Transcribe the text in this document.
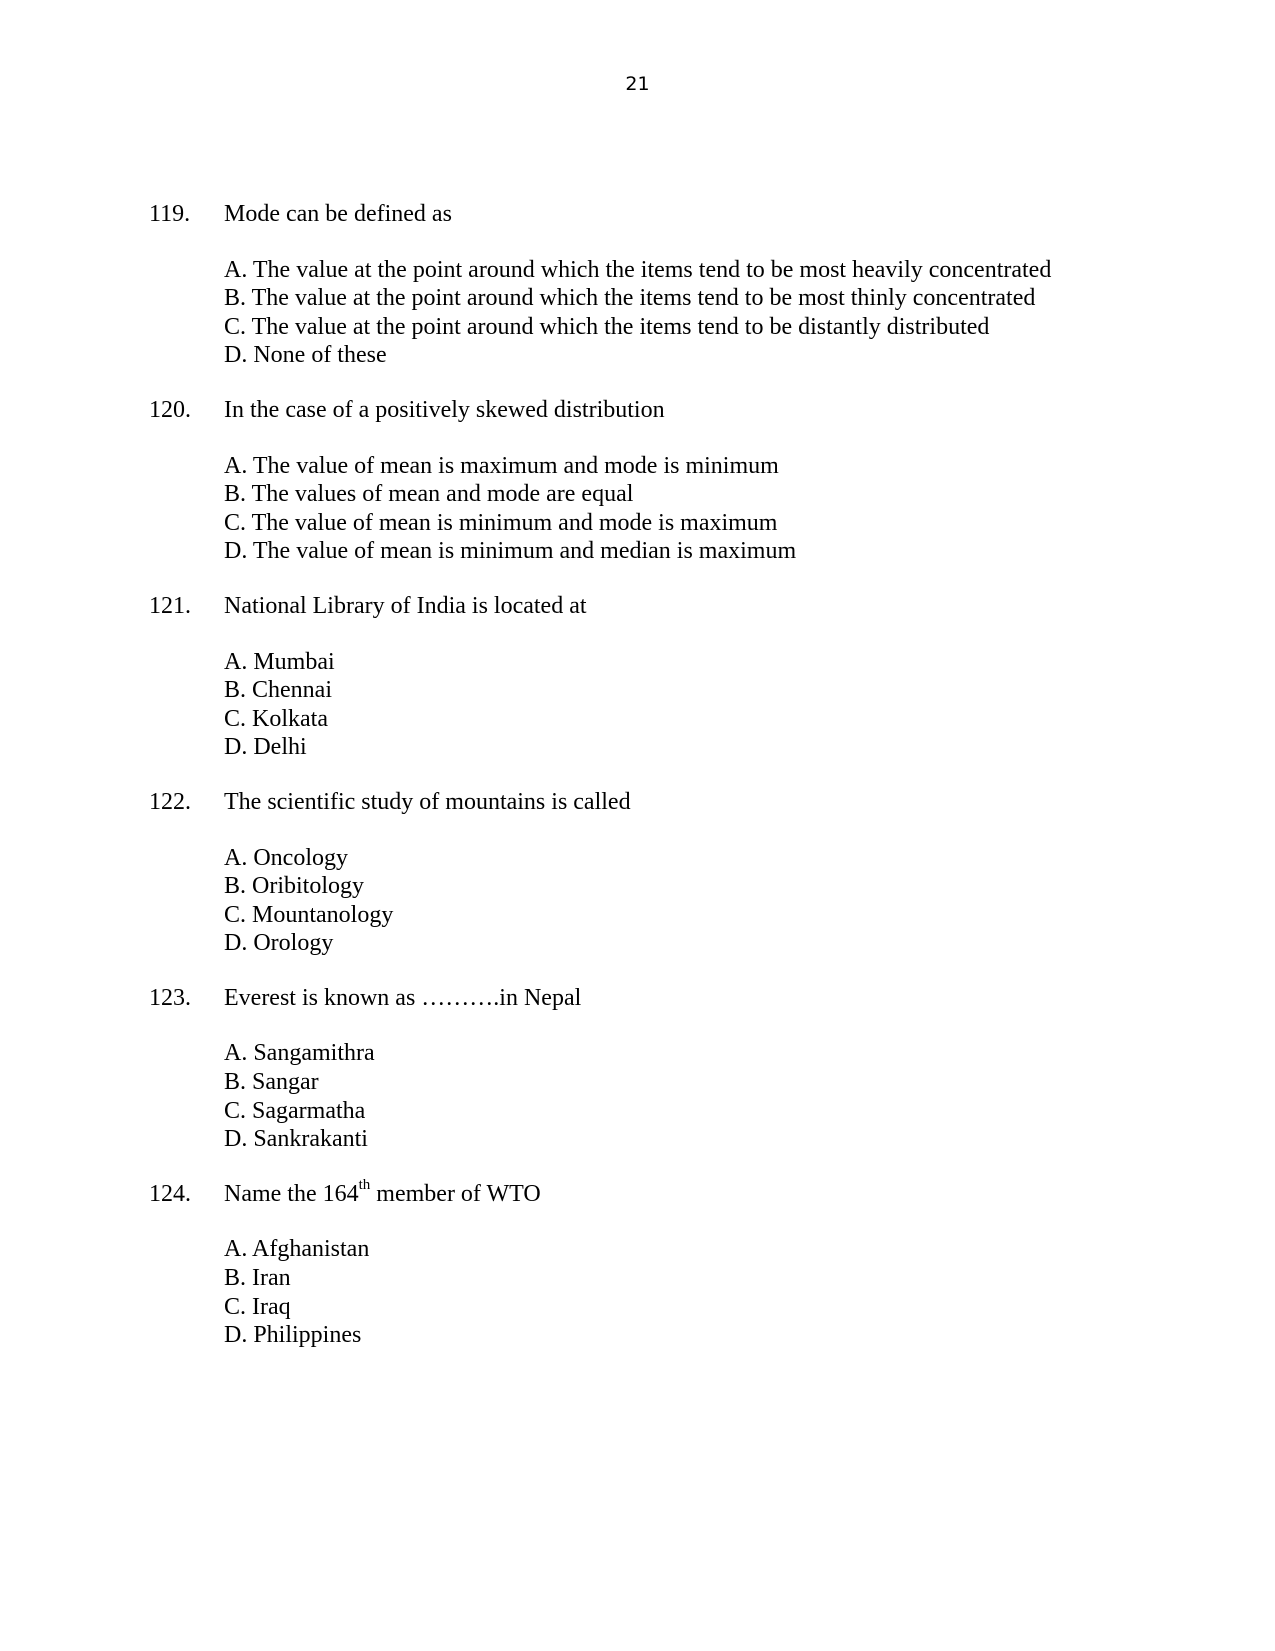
21
119.	Mode can be defined as
A. The value at the point around which the items tend to be most heavily concentrated
B. The value at the point around which the items tend to be most thinly concentrated
C. The value at the point around which the items tend to be distantly distributed
D. None of these
120.	In the case of a positively skewed distribution
A. The value of mean is maximum and mode is minimum
B. The values of mean and mode are equal
C. The value of mean is minimum and mode is maximum
D. The value of mean is minimum and median is maximum
121.	National Library of India is located at
A. Mumbai
B. Chennai
C. Kolkata
D. Delhi
122.	The scientific study of mountains is called
A. Oncology
B. Oribitology
C. Mountanology
D. Orology
123.	Everest is known as ……….in Nepal
A. Sangamithra
B. Sangar
C. Sagarmatha
D. Sankrakanti
124.	Name the 164th member of WTO
A. Afghanistan
B. Iran
C. Iraq
D. Philippines
